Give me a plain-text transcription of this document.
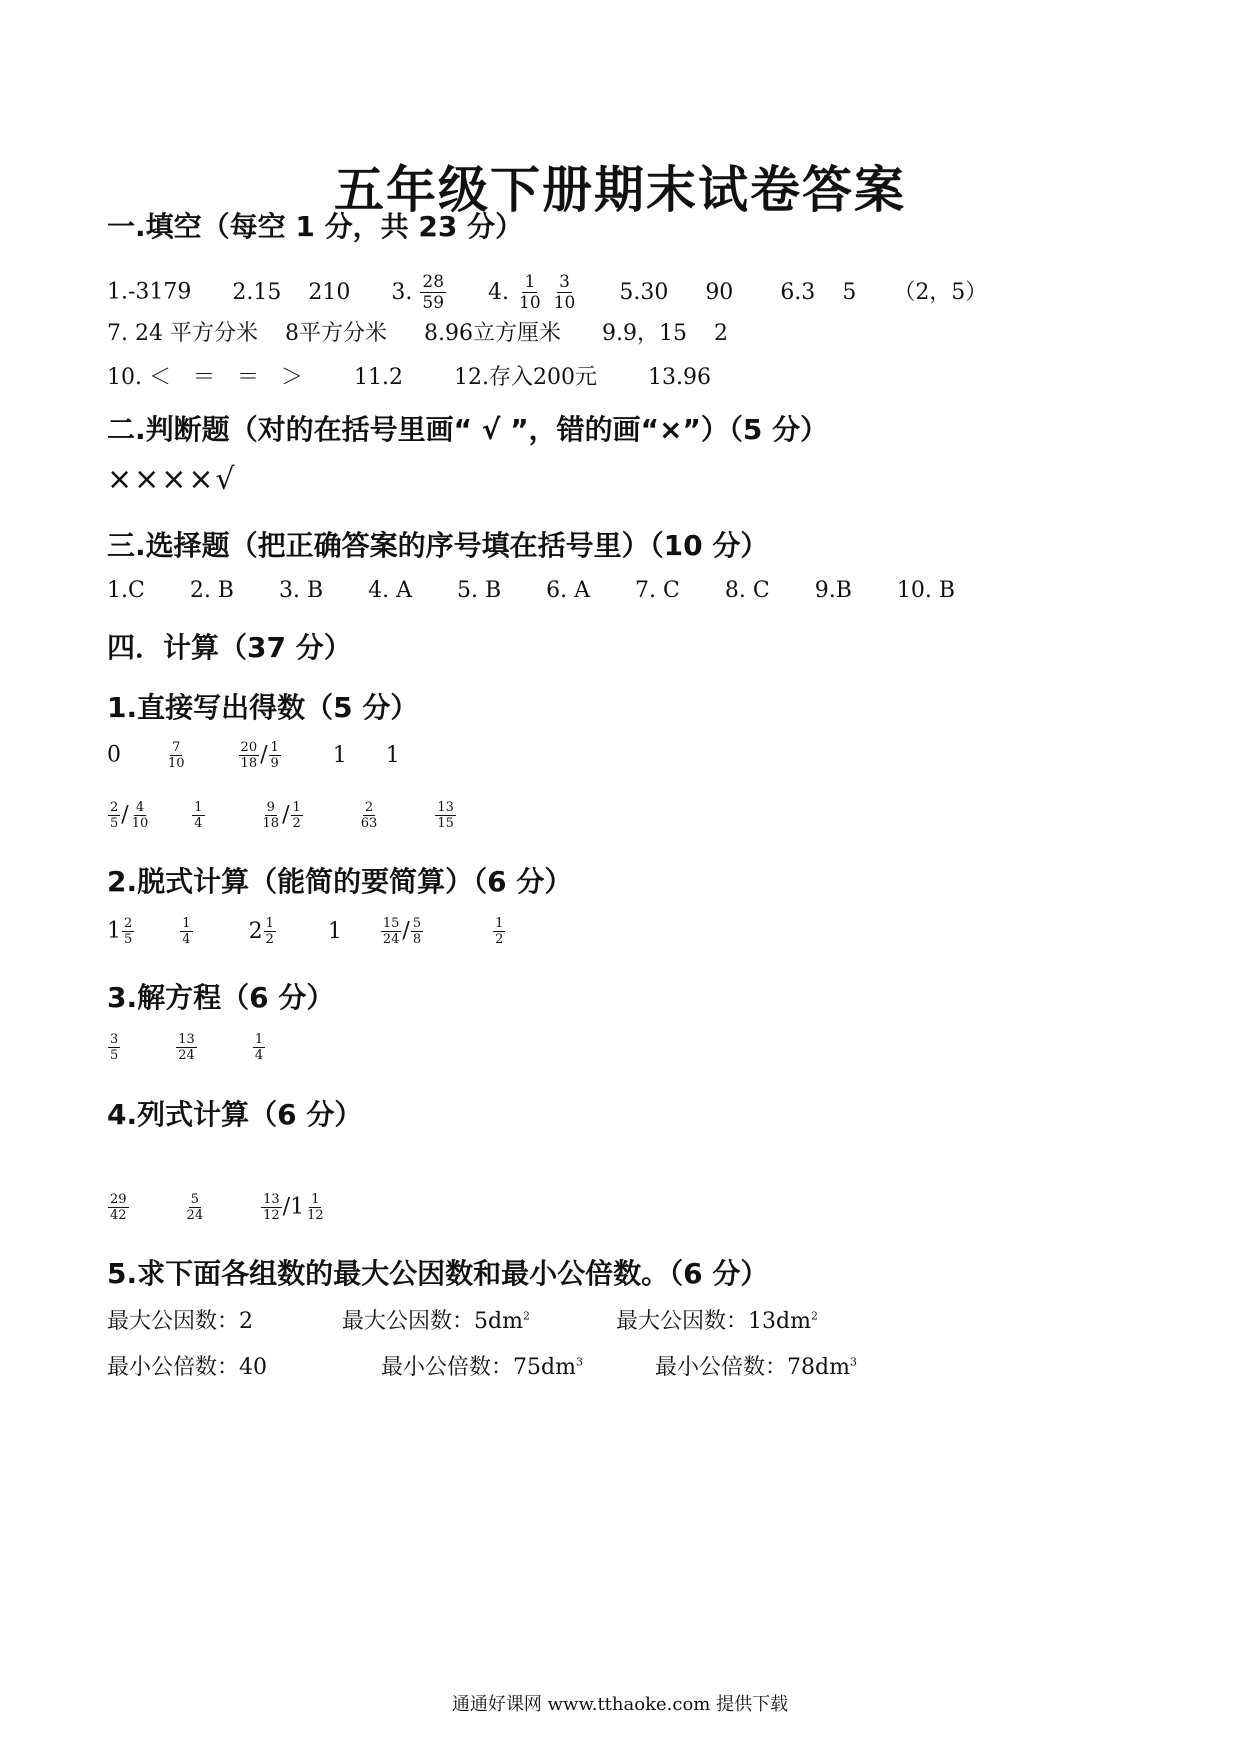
五年级下册期末试卷答案
一.填空（每空 1 分，共 23 分）
1.-3179 2.15 210 3. $\frac{28}{59} 4$. $\frac{1}{10}$
$\frac{3}{10} 5.30$ 90 6.3 5 （2，5）
7. 24 平方分米 8平方分米 8.96立方厘米 9.9，15 2
10. ＜　＝　＝　＞ 11.2 12.存入200元 13.96
二.判断题（对的在括号里画“ √ ”，错的画“×”）（5 分）
××××√
三.选择题（把正确答案的序号填在括号里）（10 分）
1.C 2. B 3. B 4. A 5. B 6. A 7. C 8. C 9.B 10. B
四．计算（37 分）
1.直接写出得数（5 分）
0	$\frac{7}{10}$
	$\frac{20}{18} / \frac{1}{9} 1$ 1
$\frac{2}{5} / \frac{4}{10}$
	$\frac{1}{4}$
	$\frac{9}{18} / \frac{1}{2}$
	$\frac{2}{63}$
	$\frac{13}{15}$
2.脱式计算（能简的要简算）（6 分）
$1 \frac{2}{5}$
	$\frac{1}{4}$	$2 \frac{1}{2} 1$	$\frac{15}{24} / \frac{5}{8}$
	$\frac{1}{2}$
3.解方程（6 分）
$\frac{3}{5}$
	$\frac{13}{24}$
	$\frac{1}{4}$
4.列式计算（6 分）
$\frac{29}{42}$
	$\frac{5}{24}$
	$\frac{13}{12} /1 \frac{1}{12}$
5.求下面各组数的最大公因数和最小公倍数。（6 分）
最大公因数：2	最大公因数：$5dm^2$	最大公因数：$13dm^2$
最小公倍数：40	最小公倍数：$75dm^3$	最小公倍数：$78dm^3$
通通好课网 www.tthaoke.com 提供下载
